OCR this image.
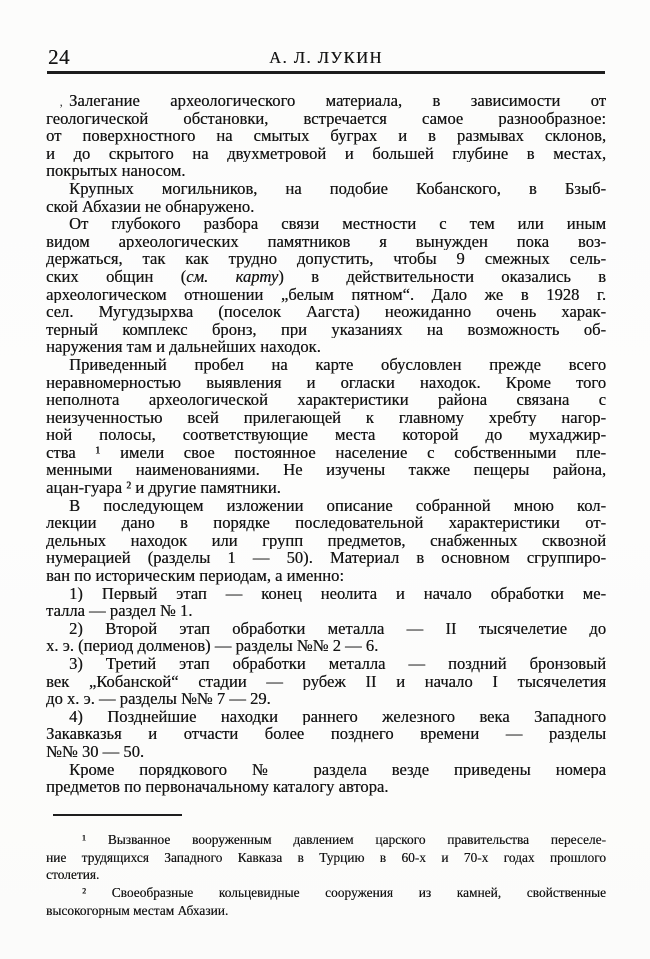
24	А. Л. ЛУКИН
‚ Залегание археологического материала, в зависимости от
геологической обстановки, встречается самое разнообразное:
от поверхностного на смытых буграх и в размывах склонов,
и до скрытого на двухметровой и большей глубине в местах,
покрытых наносом.
Крупных могильников, на подобие Кобанского, в Бзыб-
ской Абхазии не обнаружено.
От глубокого разбора связи местности с тем или иным
видом археологических памятников я вынужден пока воз-
держаться, так как трудно допустить, чтобы 9 смежных сель-
ских общин (см. карту) в действительности оказались в
археологическом отношении „белым пятном“. Дало же в 1928 г.
сел. Мугудзырхва (поселок Аагста) неожиданно очень харак-
терный комплекс бронз, при указаниях на возможность об-
наружения там и дальнейших находок.
Приведенный пробел на карте обусловлен прежде всего
неравномерностью выявления и огласки находок. Кроме того
неполнота археологической характеристики района связана с
неизученностью всей прилегающей к главному хребту нагор-
ной полосы, соответствующие места которой до мухаджир-
ства ¹ имели свое постоянное население с собственными пле-
менными наименованиями. Не изучены также пещеры района,
ацан-гуара ² и другие памятники.
В последующем изложении описание собранной мною кол-
лекции дано в порядке последовательной характеристики от-
дельных находок или групп предметов, снабженных сквозной
нумерацией (разделы 1 — 50). Материал в основном сгруппиро-
ван по историческим периодам, а именно:
1) Первый этап — конец неолита и начало обработки ме-
талла — раздел № 1.
2) Второй этап обработки металла — II тысячелетие до
х. э. (период долменов) — разделы №№ 2 — 6.
3) Третий этап обработки металла — поздний бронзовый
век „Кобанской“ стадии — рубеж II и начало I тысячелетия
до х. э. — разделы №№ 7 — 29.
4) Позднейшие находки раннего железного века Западного
Закавказья и отчасти более позднего времени — разделы
№№ 30 — 50.
Кроме порядкового № раздела везде приведены номера
предметов по первоначальному каталогу автора.
¹ Вызванное вооруженным давлением царского правительства переселе-
ние трудящихся Западного Кавказа в Турцию в 60-х и 70-х годах прошлого
столетия.
² Своеобразные кольцевидные сооружения из камней, свойственные
высокогорным местам Абхазии.
